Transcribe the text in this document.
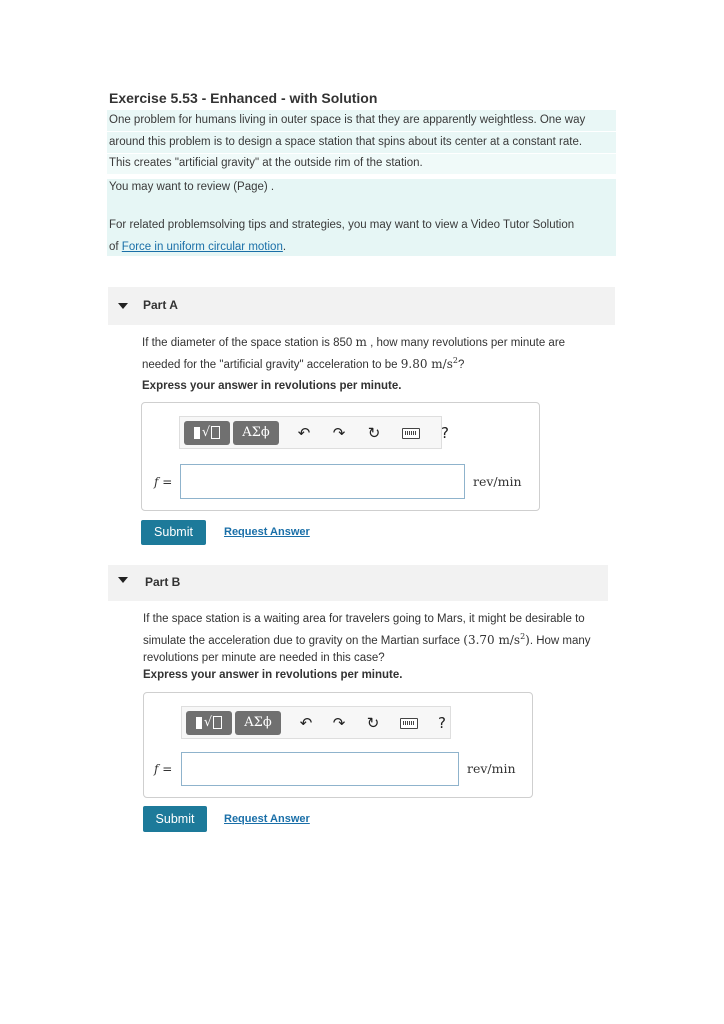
Exercise 5.53 - Enhanced - with Solution
One problem for humans living in outer space is that they are apparently weightless. One way
around this problem is to design a space station that spins about its center at a constant rate.
This creates "artificial gravity" at the outside rim of the station.
You may want to review (Page) .
For related problemsolving tips and strategies, you may want to view a Video Tutor Solution
of Force in uniform circular motion.
Part A
If the diameter of the space station is 850 m , how many revolutions per minute are
needed for the "artificial gravity" acceleration to be 9.80 $m/s^2$?
Express your answer in revolutions per minute.
√	ΑΣϕ	↶	↷	↻	?
f =	rev/min
Submit	Request Answer
Part B
If the space station is a waiting area for travelers going to Mars, it might be desirable to
simulate the acceleration due to gravity on the Martian surface (3.70 $m/s^2$). How many
revolutions per minute are needed in this case?
Express your answer in revolutions per minute.
√	ΑΣϕ	↶	↷	↻	?
f =	rev/min
Submit	Request Answer
